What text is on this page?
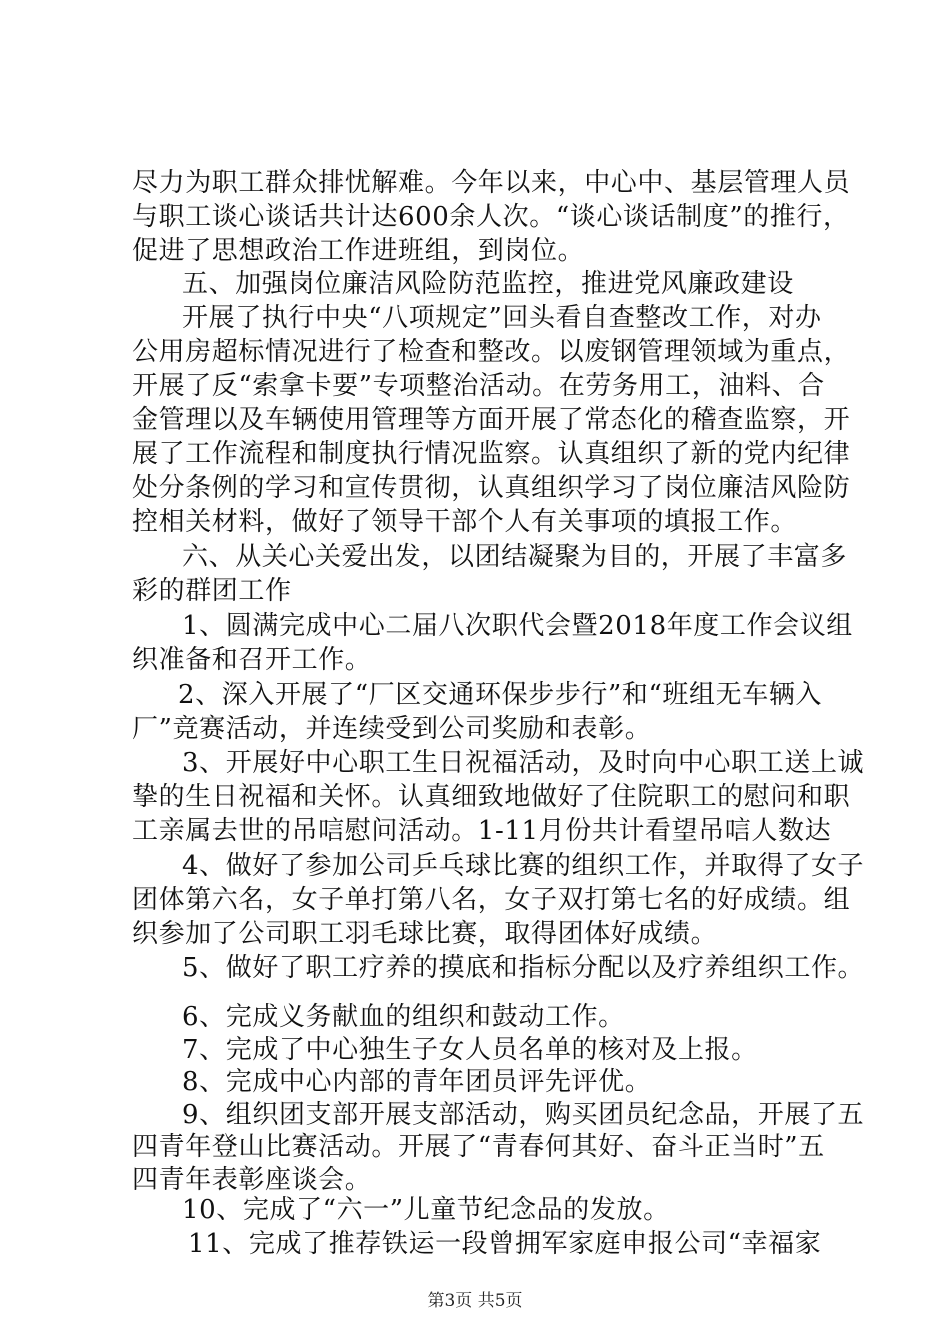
尽力为职工群众排忧解难。今年以来，中心中、基层管理人员
与职工谈心谈话共计达600余人次。“谈心谈话制度”的推行，
促进了思想政治工作进班组，到岗位。
五、加强岗位廉洁风险防范监控，推进党风廉政建设
开展了执行中央“八项规定”回头看自查整改工作，对办
公用房超标情况进行了检查和整改。以废钢管理领域为重点，
开展了反“索拿卡要”专项整治活动。在劳务用工，油料、合
金管理以及车辆使用管理等方面开展了常态化的稽查监察，开
展了工作流程和制度执行情况监察。认真组织了新的党内纪律
处分条例的学习和宣传贯彻，认真组织学习了岗位廉洁风险防
控相关材料，做好了领导干部个人有关事项的填报工作。
六、从关心关爱出发，以团结凝聚为目的，开展了丰富多
彩的群团工作
1、圆满完成中心二届八次职代会暨2018年度工作会议组
织准备和召开工作。
2、深入开展了“厂区交通环保步步行”和“班组无车辆入
厂”竞赛活动，并连续受到公司奖励和表彰。
3、开展好中心职工生日祝福活动，及时向中心职工送上诚
挚的生日祝福和关怀。认真细致地做好了住院职工的慰问和职
工亲属去世的吊唁慰问活动。1-11月份共计看望吊唁人数达
4、做好了参加公司乒乓球比赛的组织工作，并取得了女子
团体第六名，女子单打第八名，女子双打第七名的好成绩。组
织参加了公司职工羽毛球比赛，取得团体好成绩。
5、做好了职工疗养的摸底和指标分配以及疗养组织工作。
6、完成义务献血的组织和鼓动工作。
7、完成了中心独生子女人员名单的核对及上报。
8、完成中心内部的青年团员评先评优。
9、组织团支部开展支部活动，购买团员纪念品，开展了五
四青年登山比赛活动。开展了“青春何其好、奋斗正当时”五
四青年表彰座谈会。
10、完成了“六一”儿童节纪念品的发放。
11、完成了推荐铁运一段曾拥军家庭申报公司“幸福家
第3页 共5页
